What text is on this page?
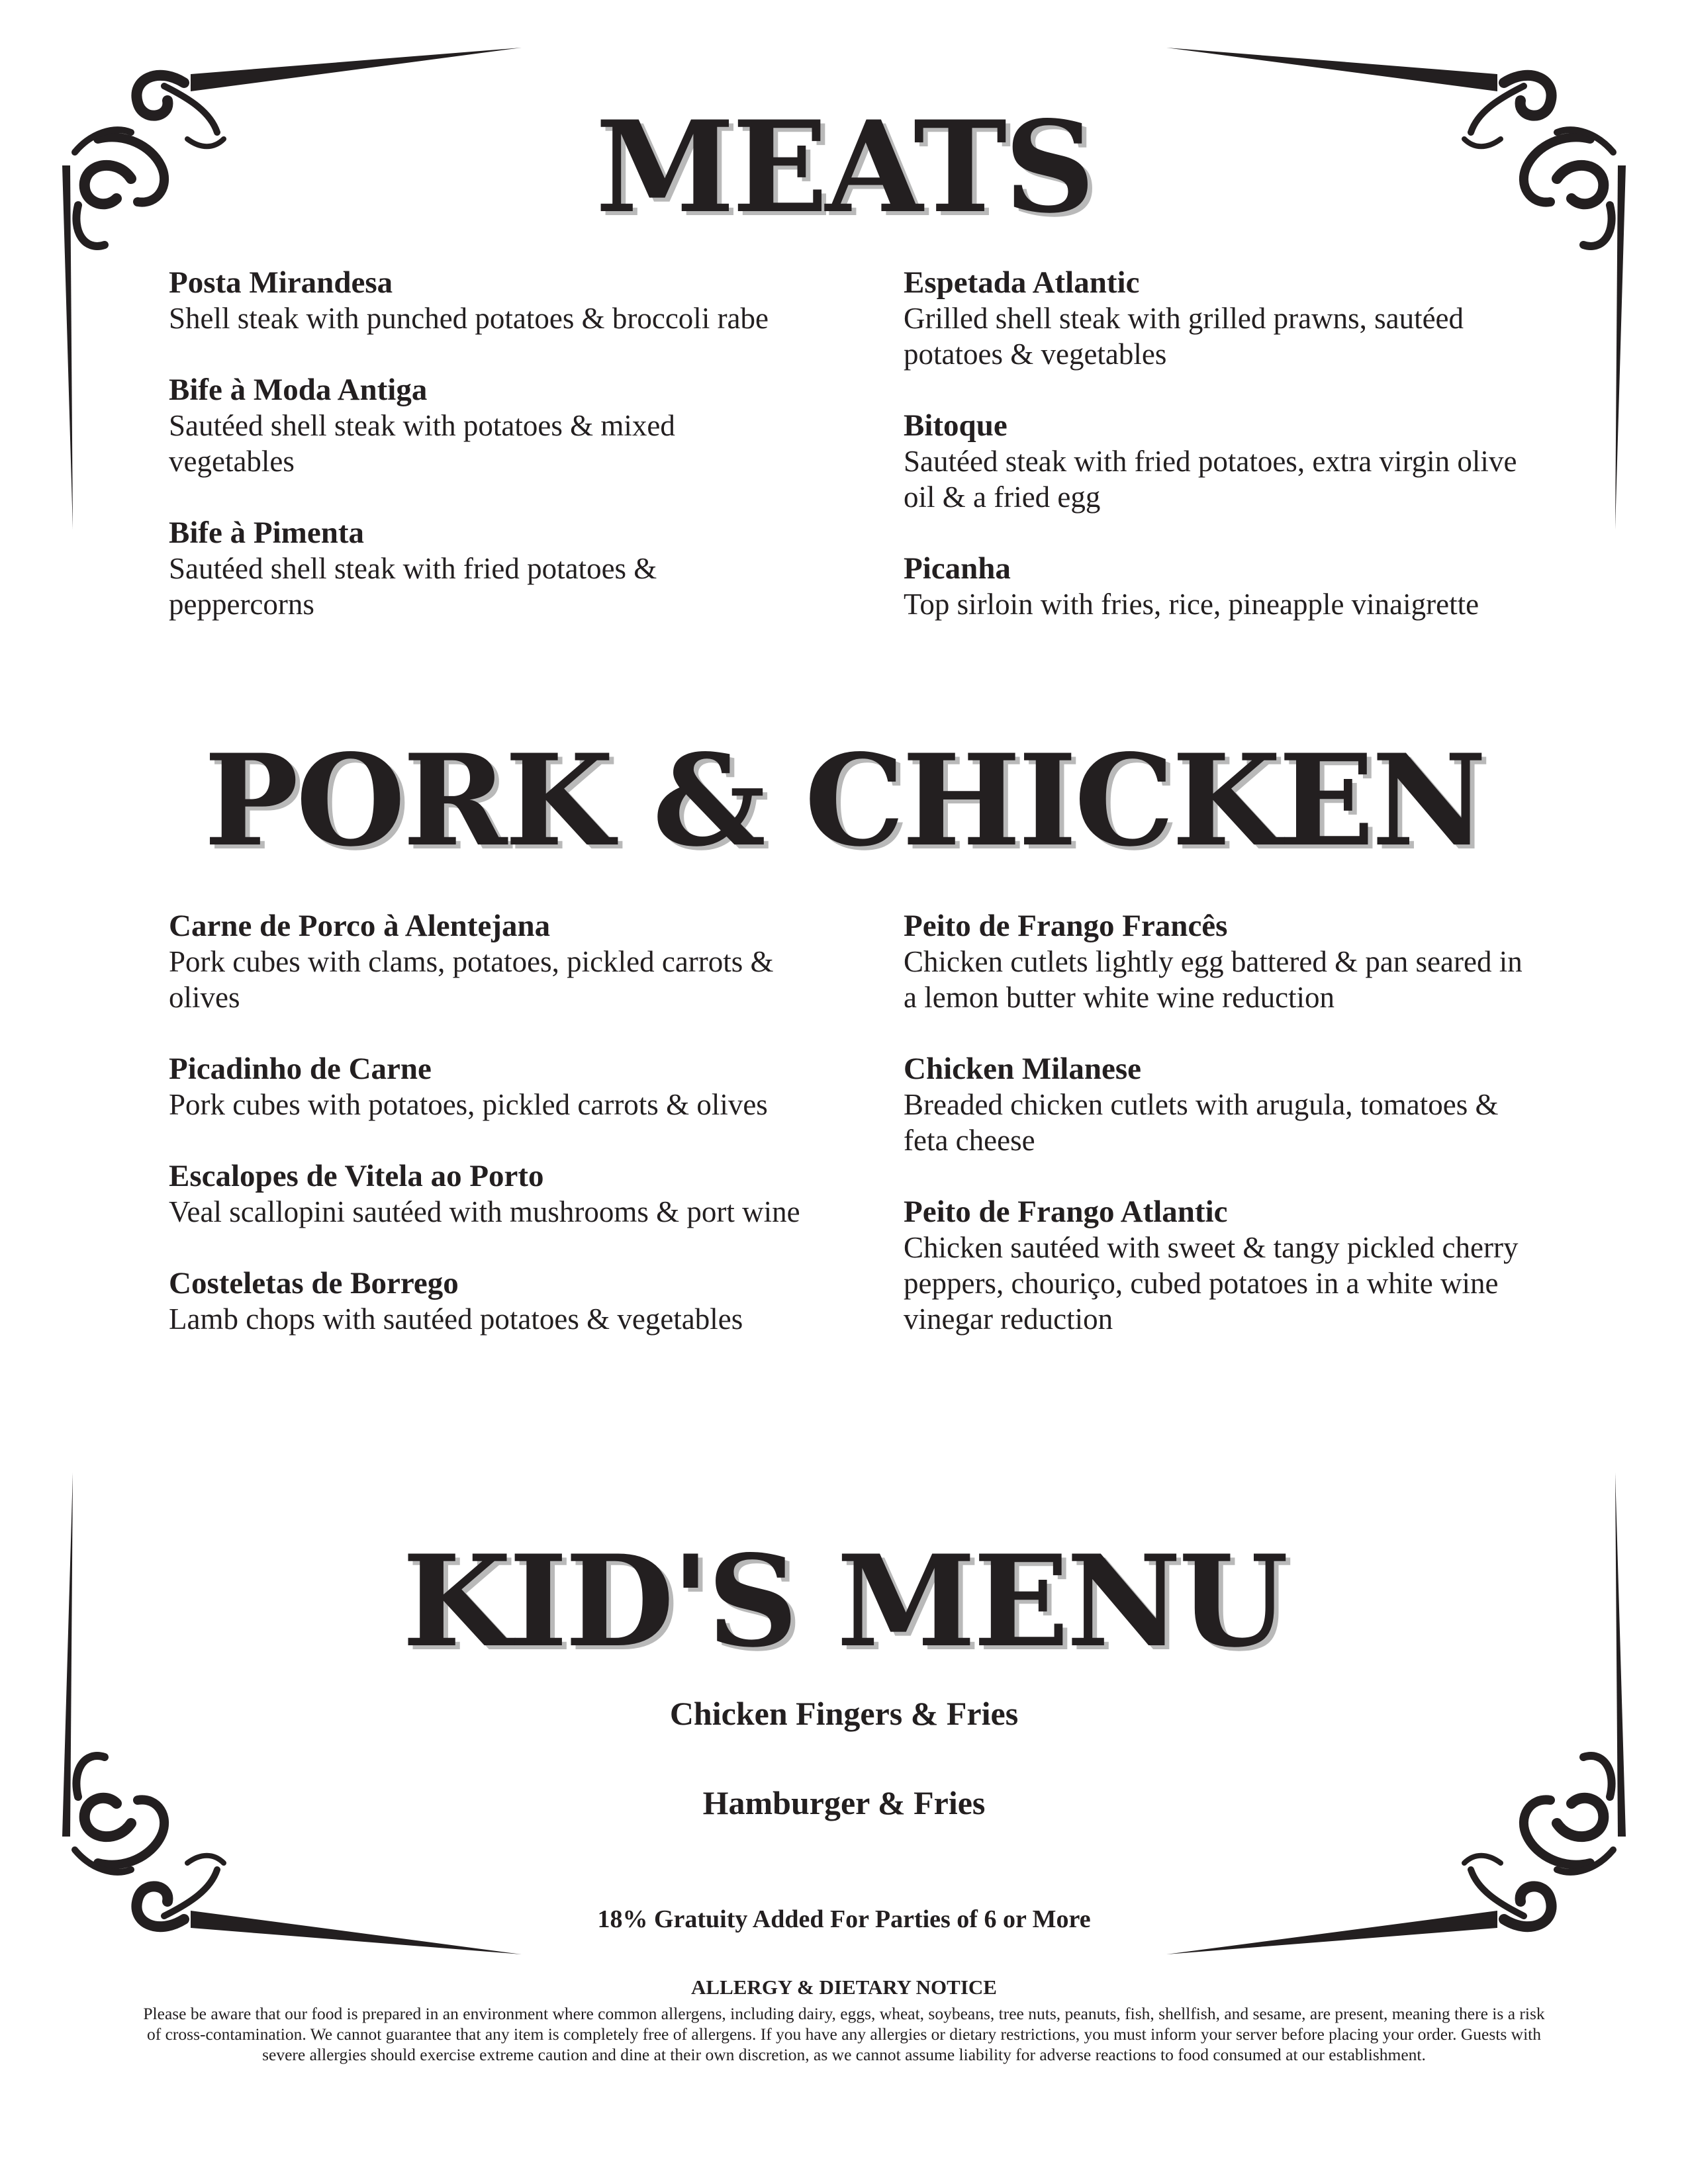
MEATS
Posta Mirandesa
Shell steak with punched potatoes & broccoli rabe
Bife à Moda Antiga
Sautéed shell steak with potatoes & mixed vegetables
Bife à Pimenta
Sautéed shell steak with fried potatoes & peppercorns
Espetada Atlantic
Grilled shell steak with grilled prawns, sautéed potatoes & vegetables
Bitoque
Sautéed steak with fried potatoes, extra virgin olive oil & a fried egg
Picanha
Top sirloin with fries, rice, pineapple vinaigrette
PORK & CHICKEN
Carne de Porco à Alentejana
Pork cubes with clams, potatoes, pickled carrots & olives
Picadinho de Carne
Pork cubes with potatoes, pickled carrots & olives
Escalopes de Vitela ao Porto
Veal scallopini sautéed with mushrooms & port wine
Costeletas de Borrego
Lamb chops with sautéed potatoes & vegetables
Peito de Frango Francês
Chicken cutlets lightly egg battered & pan seared in a lemon butter white wine reduction
Chicken Milanese
Breaded chicken cutlets with arugula, tomatoes & feta cheese
Peito de Frango Atlantic
Chicken sautéed with sweet & tangy pickled cherry peppers, chouriço, cubed potatoes in a white wine vinegar reduction
KID'S MENU
Chicken Fingers & Fries
Hamburger & Fries
18% Gratuity Added For Parties of 6 or More
ALLERGY & DIETARY NOTICE

Please be aware that our food is prepared in an environment where common allergens, including dairy, eggs, wheat, soybeans, tree nuts, peanuts, fish, shellfish, and sesame, are present, meaning there is a risk of cross-contamination. We cannot guarantee that any item is completely free of allergens. If you have any allergies or dietary restrictions, you must inform your server before placing your order. Guests with severe allergies should exercise extreme caution and dine at their own discretion, as we cannot assume liability for adverse reactions to food consumed at our establishment.
